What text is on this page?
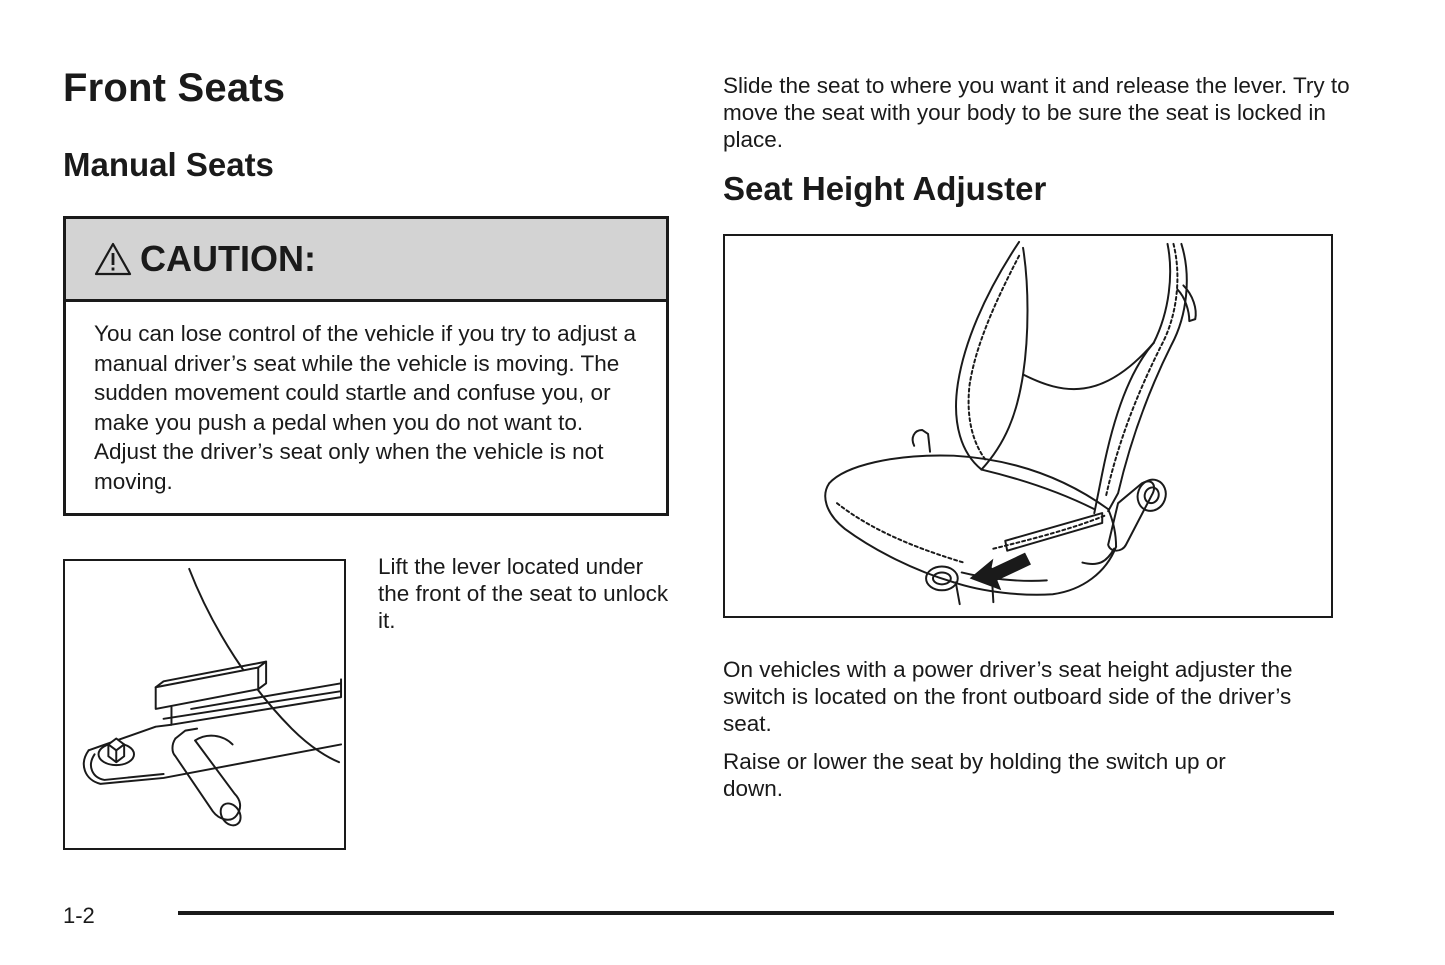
Front Seats
Manual Seats
CAUTION:
You can lose control of the vehicle if you try to adjust a manual driver’s seat while the vehicle is moving. The sudden movement could startle and confuse you, or make you push a pedal when you do not want to. Adjust the driver’s seat only when the vehicle is not moving.

Lift the lever located under the front of the seat to unlock it.

Slide the seat to where you want it and release the lever. Try to move the seat with your body to be sure the seat is locked in place.

Seat Height Adjuster

On vehicles with a power driver’s seat height adjuster the switch is located on the front outboard side of the driver’s seat.

Raise or lower the seat by holding the switch up or down.

1-2
